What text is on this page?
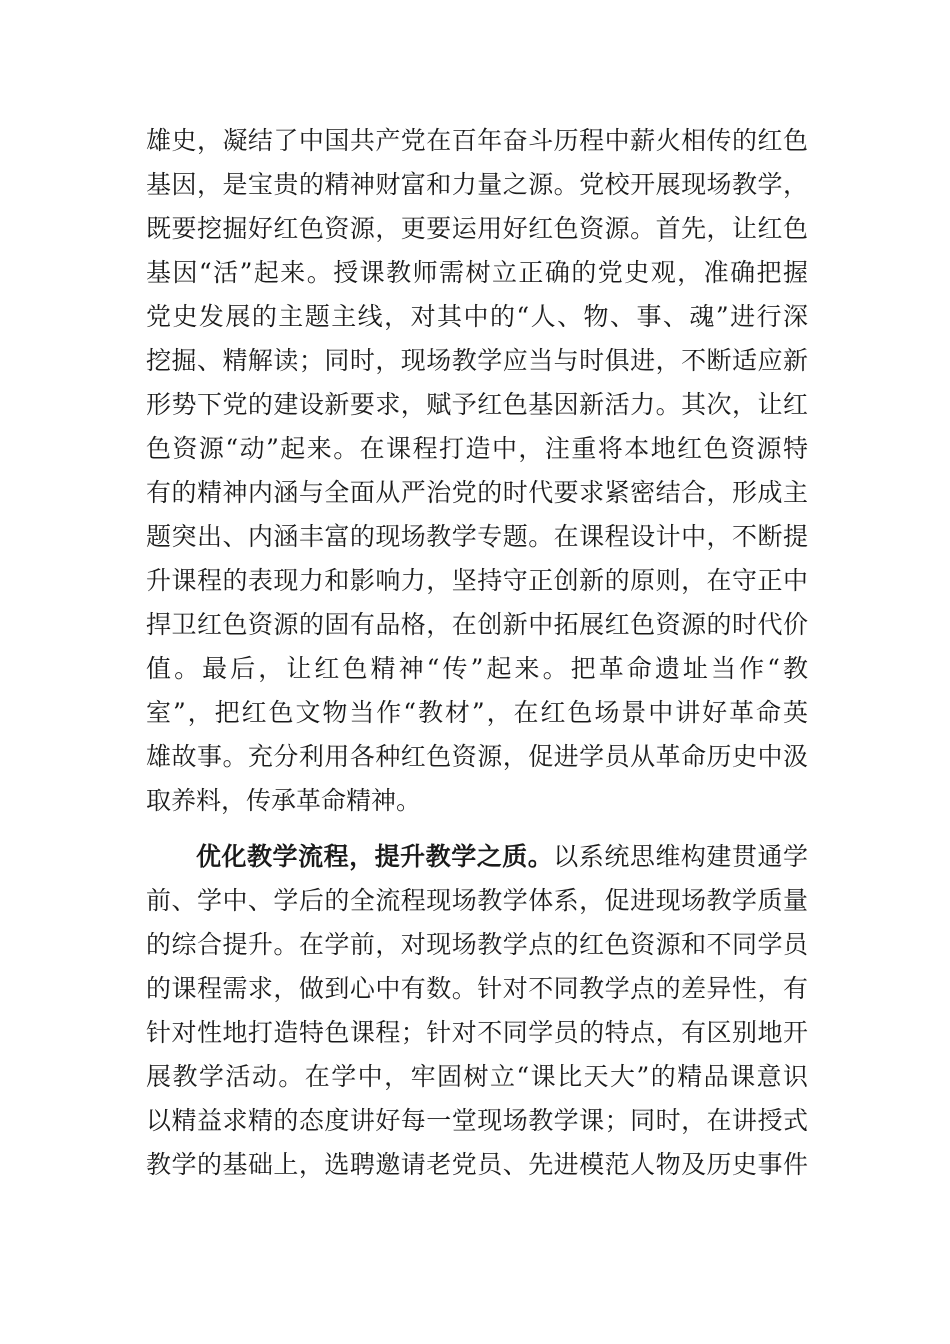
雄史，凝结了中国共产党在百年奋斗历程中薪火相传的红色
基因，是宝贵的精神财富和力量之源。党校开展现场教学，
既要挖掘好红色资源，更要运用好红色资源。首先，让红色
基因“活”起来。授课教师需树立正确的党史观，准确把握
党史发展的主题主线，对其中的“人、物、事、魂”进行深
挖掘、精解读；同时，现场教学应当与时俱进，不断适应新
形势下党的建设新要求，赋予红色基因新活力。其次，让红
色资源“动”起来。在课程打造中，注重将本地红色资源特
有的精神内涵与全面从严治党的时代要求紧密结合，形成主
题突出、内涵丰富的现场教学专题。在课程设计中，不断提
升课程的表现力和影响力，坚持守正创新的原则，在守正中
捍卫红色资源的固有品格，在创新中拓展红色资源的时代价
值。最后，让红色精神“传”起来。把革命遗址当作“教
室”，把红色文物当作“教材”，在红色场景中讲好革命英
雄故事。充分利用各种红色资源，促进学员从革命历史中汲
取养料，传承革命精神。
优化教学流程，提升教学之质。以系统思维构建贯通学
前、学中、学后的全流程现场教学体系，促进现场教学质量
的综合提升。在学前，对现场教学点的红色资源和不同学员
的课程需求，做到心中有数。针对不同教学点的差异性，有
针对性地打造特色课程；针对不同学员的特点，有区别地开
展教学活动。在学中，牢固树立“课比天大”的精品课意识
以精益求精的态度讲好每一堂现场教学课；同时，在讲授式
教学的基础上，选聘邀请老党员、先进模范人物及历史事件
